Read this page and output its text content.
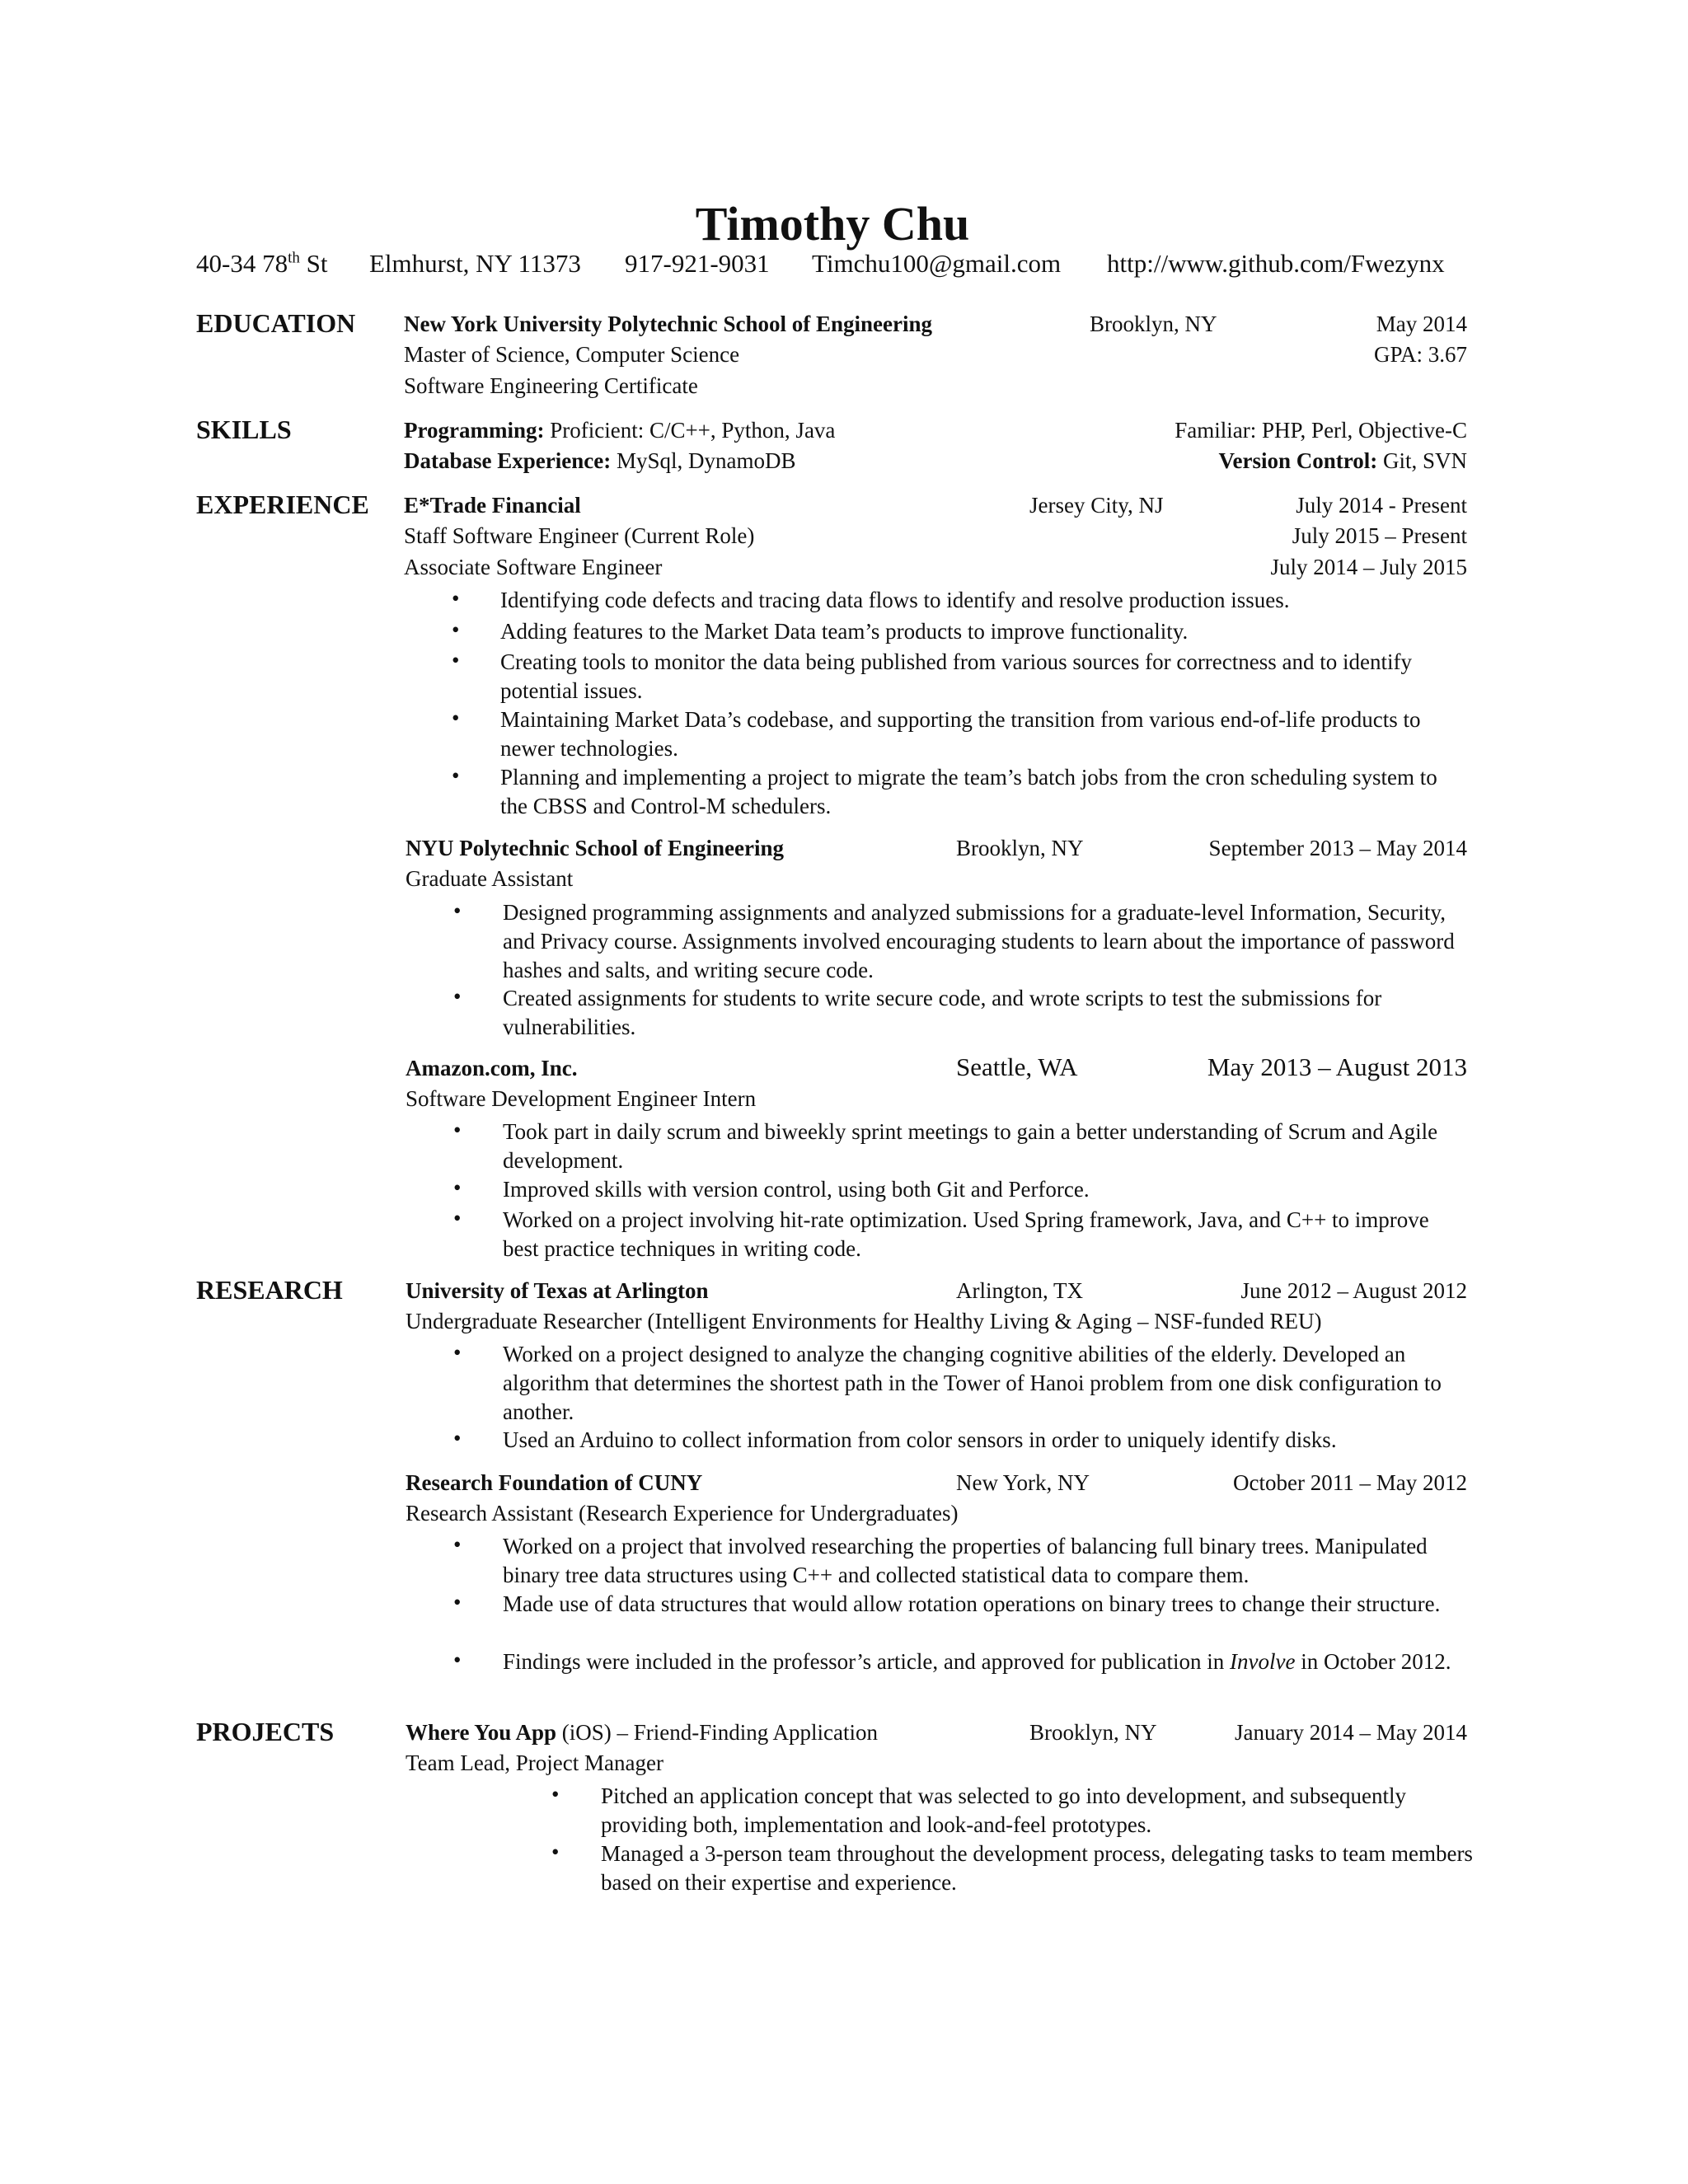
Timothy Chu
40-34 78th St Elmhurst, NY 11373 917-921-9031 Timchu100@gmail.com http://www.github.com/Fwezynx
EDUCATION New York University Polytechnic School of Engineering	Brooklyn, NY	May 2014
Master of Science, Computer Science	GPA: 3.67
Software Engineering Certificate
SKILLS	Programming: Proficient: C/C++, Python, Java	Familiar: PHP, Perl, Objective-C
Database Experience: MySql, DynamoDB	Version Control: Git, SVN
EXPERIENCE E*Trade Financial	Jersey City, NJ	July 2014 - Present
Staff Software Engineer (Current Role)	July 2015 – Present
Associate Software Engineer	July 2014 – July 2015
• Identifying code defects and tracing data flows to identify and resolve production issues.
• Adding features to the Market Data team’s products to improve functionality.
• Creating tools to monitor the data being published from various sources for correctness and to identify potential issues.
• Maintaining Market Data’s codebase, and supporting the transition from various end-of-life products to newer technologies.
• Planning and implementing a project to migrate the team’s batch jobs from the cron scheduling system to the CBSS and Control-M schedulers.
NYU Polytechnic School of Engineering	Brooklyn, NY	September 2013 – May 2014
Graduate Assistant
• Designed programming assignments and analyzed submissions for a graduate-level Information, Security, and Privacy course. Assignments involved encouraging students to learn about the importance of password hashes and salts, and writing secure code.
• Created assignments for students to write secure code, and wrote scripts to test the submissions for vulnerabilities.
Amazon.com, Inc.	Seattle, WA	May 2013 – August 2013
Software Development Engineer Intern
• Took part in daily scrum and biweekly sprint meetings to gain a better understanding of Scrum and Agile development.
• Improved skills with version control, using both Git and Perforce.
• Worked on a project involving hit-rate optimization. Used Spring framework, Java, and C++ to improve best practice techniques in writing code.
RESEARCH	University of Texas at Arlington	Arlington, TX	June 2012 – August 2012
Undergraduate Researcher (Intelligent Environments for Healthy Living & Aging – NSF-funded REU)
• Worked on a project designed to analyze the changing cognitive abilities of the elderly. Developed an algorithm that determines the shortest path in the Tower of Hanoi problem from one disk configuration to another.
• Used an Arduino to collect information from color sensors in order to uniquely identify disks.
Research Foundation of CUNY	New York, NY	October 2011 – May 2012
Research Assistant (Research Experience for Undergraduates)
• Worked on a project that involved researching the properties of balancing full binary trees. Manipulated binary tree data structures using C++ and collected statistical data to compare them.
• Made use of data structures that would allow rotation operations on binary trees to change their structure.
• Findings were included in the professor’s article, and approved for publication in Involve in October 2012.
PROJECTS	Where You App (iOS) – Friend-Finding Application	Brooklyn, NY	January 2014 – May 2014
Team Lead, Project Manager
• Pitched an application concept that was selected to go into development, and subsequently providing both, implementation and look-and-feel prototypes.
• Managed a 3-person team throughout the development process, delegating tasks to team members based on their expertise and experience.
